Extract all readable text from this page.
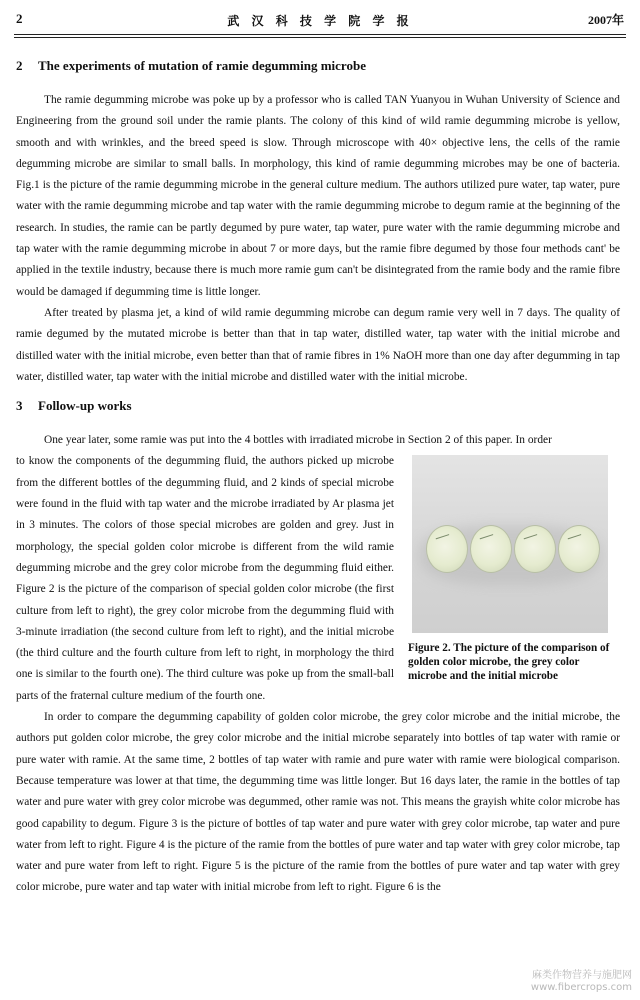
2	武 汉 科 技 学 院 学 报	2007年
2 The experiments of mutation of ramie degumming microbe

The ramie degumming microbe was poke up by a professor who is called TAN Yuanyou in Wuhan University of Science and Engineering from the ground soil under the ramie plants. The colony of this kind of wild ramie degumming microbe is yellow, smooth and with wrinkles, and the breed speed is slow. Through microscope with 40× objective lens, the cells of the ramie degumming microbe are similar to small balls. In morphology, this kind of ramie degumming microbes may be one of bacteria. Fig.1 is the picture of the ramie degumming microbe in the general culture medium. The authors utilized pure water, tap water, pure water with the ramie degumming microbe and tap water with the ramie degumming microbe to degum ramie at the beginning of the research. In studies, the ramie can be partly degumed by pure water, tap water, pure water with the ramie degumming microbe and tap water with the ramie degumming microbe in about 7 or more days, but the ramie fibre degumed by those four methods cant' be applied in the textile industry, because there is much more ramie gum can't be disintegrated from the ramie body and the ramie fibre would be damaged if degumming time is little longer.

After treated by plasma jet, a kind of wild ramie degumming microbe can degum ramie very well in 7 days. The quality of ramie degumed by the mutated microbe is better than that in tap water, distilled water, tap water with the initial microbe and distilled water with the initial microbe, even better than that of ramie fibres in 1% NaOH more than one day after degumming in tap water, distilled water, tap water with the initial microbe and distilled water with the initial microbe.

3 Follow-up works

One year later, some ramie was put into the 4 bottles with irradiated microbe in Section 2 of this paper. In order

Figure 2. The picture of the comparison of golden color microbe, the grey color microbe and the initial microbe

to know the components of the degumming fluid, the authors picked up microbe from the different bottles of the degumming fluid, and 2 kinds of special microbe were found in the fluid with tap water and the microbe irradiated by Ar plasma jet in 3 minutes. The colors of those special microbes are golden and grey. Just in morphology, the special golden color microbe is different from the wild ramie degumming microbe and the grey color microbe from the degumming fluid either. Figure 2 is the picture of the comparison of special golden color microbe (the first culture from left to right), the grey color microbe from the degumming fluid with 3-minute irradiation (the second culture from left to right), and the initial microbe (the third culture and the fourth culture from left to right, in morphology the third one is similar to the fourth one). The third culture was poke up from the small-ball parts of the fraternal culture medium of the fourth one.

In order to compare the degumming capability of golden color microbe, the grey color microbe and the initial microbe, the authors put golden color microbe, the grey color microbe and the initial microbe separately into bottles of tap water with ramie or pure water with ramie. At the same time, 2 bottles of tap water with ramie and pure water with ramie were biological comparison. Because temperature was lower at that time, the degumming time was little longer. But 16 days later, the ramie in the bottles of tap water and pure water with grey color microbe was degummed, other ramie was not. This means the grayish white color microbe has good capability to degum. Figure 3 is the picture of bottles of tap water and pure water with grey color microbe, tap water and pure water from left to right. Figure 4 is the picture of the ramie from the bottles of pure water and tap water with grey color microbe, tap water and pure water from left to right. Figure 5 is the picture of the ramie from the bottles of pure water and tap water with grey color microbe, pure water and tap water with initial microbe from left to right. Figure 6 is the

麻类作物营养与施肥网
www.fibercrops.com
